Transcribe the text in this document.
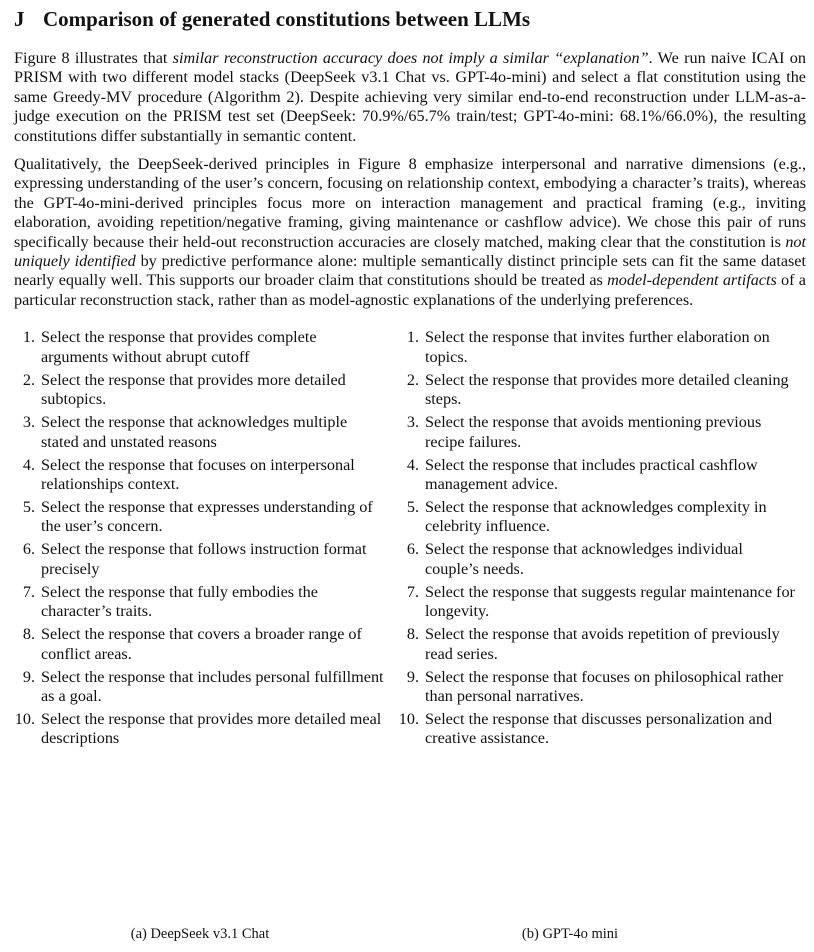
J Comparison of generated constitutions between LLMs

Figure 8 illustrates that similar reconstruction accuracy does not imply a similar “explanation”. We run naive ICAI on PRISM with two different model stacks (DeepSeek v3.1 Chat vs. GPT-4o-mini) and select a flat constitution using the same Greedy-MV procedure (Algorithm 2). Despite achieving very similar end-to-end reconstruction under LLM-as-a-judge execution on the PRISM test set (DeepSeek: 70.9%/65.7% train/test; GPT-4o-mini: 68.1%/66.0%), the resulting constitutions differ substantially in semantic content.

Qualitatively, the DeepSeek-derived principles in Figure 8 emphasize interpersonal and narrative dimensions (e.g., expressing understanding of the user’s concern, focusing on relationship context, embodying a character’s traits), whereas the GPT-4o-mini-derived principles focus more on interaction management and practical framing (e.g., inviting elaboration, avoiding repetition/negative framing, giving maintenance or cashflow advice). We chose this pair of runs specifically because their held-out reconstruction accuracies are closely matched, making clear that the constitution is not uniquely identified by predictive performance alone: multiple semantically distinct principle sets can fit the same dataset nearly equally well. This supports our broader claim that constitutions should be treated as model-dependent artifacts of a particular reconstruction stack, rather than as model-agnostic explanations of the underlying preferences.

1. Select the response that provides complete arguments without abrupt cutoff
2. Select the response that provides more detailed subtopics.
3. Select the response that acknowledges multiple stated and unstated reasons
4. Select the response that focuses on interpersonal relationships context.
5. Select the response that expresses understanding of the user’s concern.
6. Select the response that follows instruction format precisely
7. Select the response that fully embodies the character’s traits.
8. Select the response that covers a broader range of conflict areas.
9. Select the response that includes personal fulfillment as a goal.
10. Select the response that provides more detailed meal descriptions
1. Select the response that invites further elaboration on topics.
2. Select the response that provides more detailed cleaning steps.
3. Select the response that avoids mentioning previous recipe failures.
4. Select the response that includes practical cashflow management advice.
5. Select the response that acknowledges complexity in celebrity influence.
6. Select the response that acknowledges individual couple’s needs.
7. Select the response that suggests regular maintenance for longevity.
8. Select the response that avoids repetition of previously read series.
9. Select the response that focuses on philosophical rather than personal narratives.
10. Select the response that discusses personalization and creative assistance.
(a) DeepSeek v3.1 Chat	(b) GPT-4o mini
